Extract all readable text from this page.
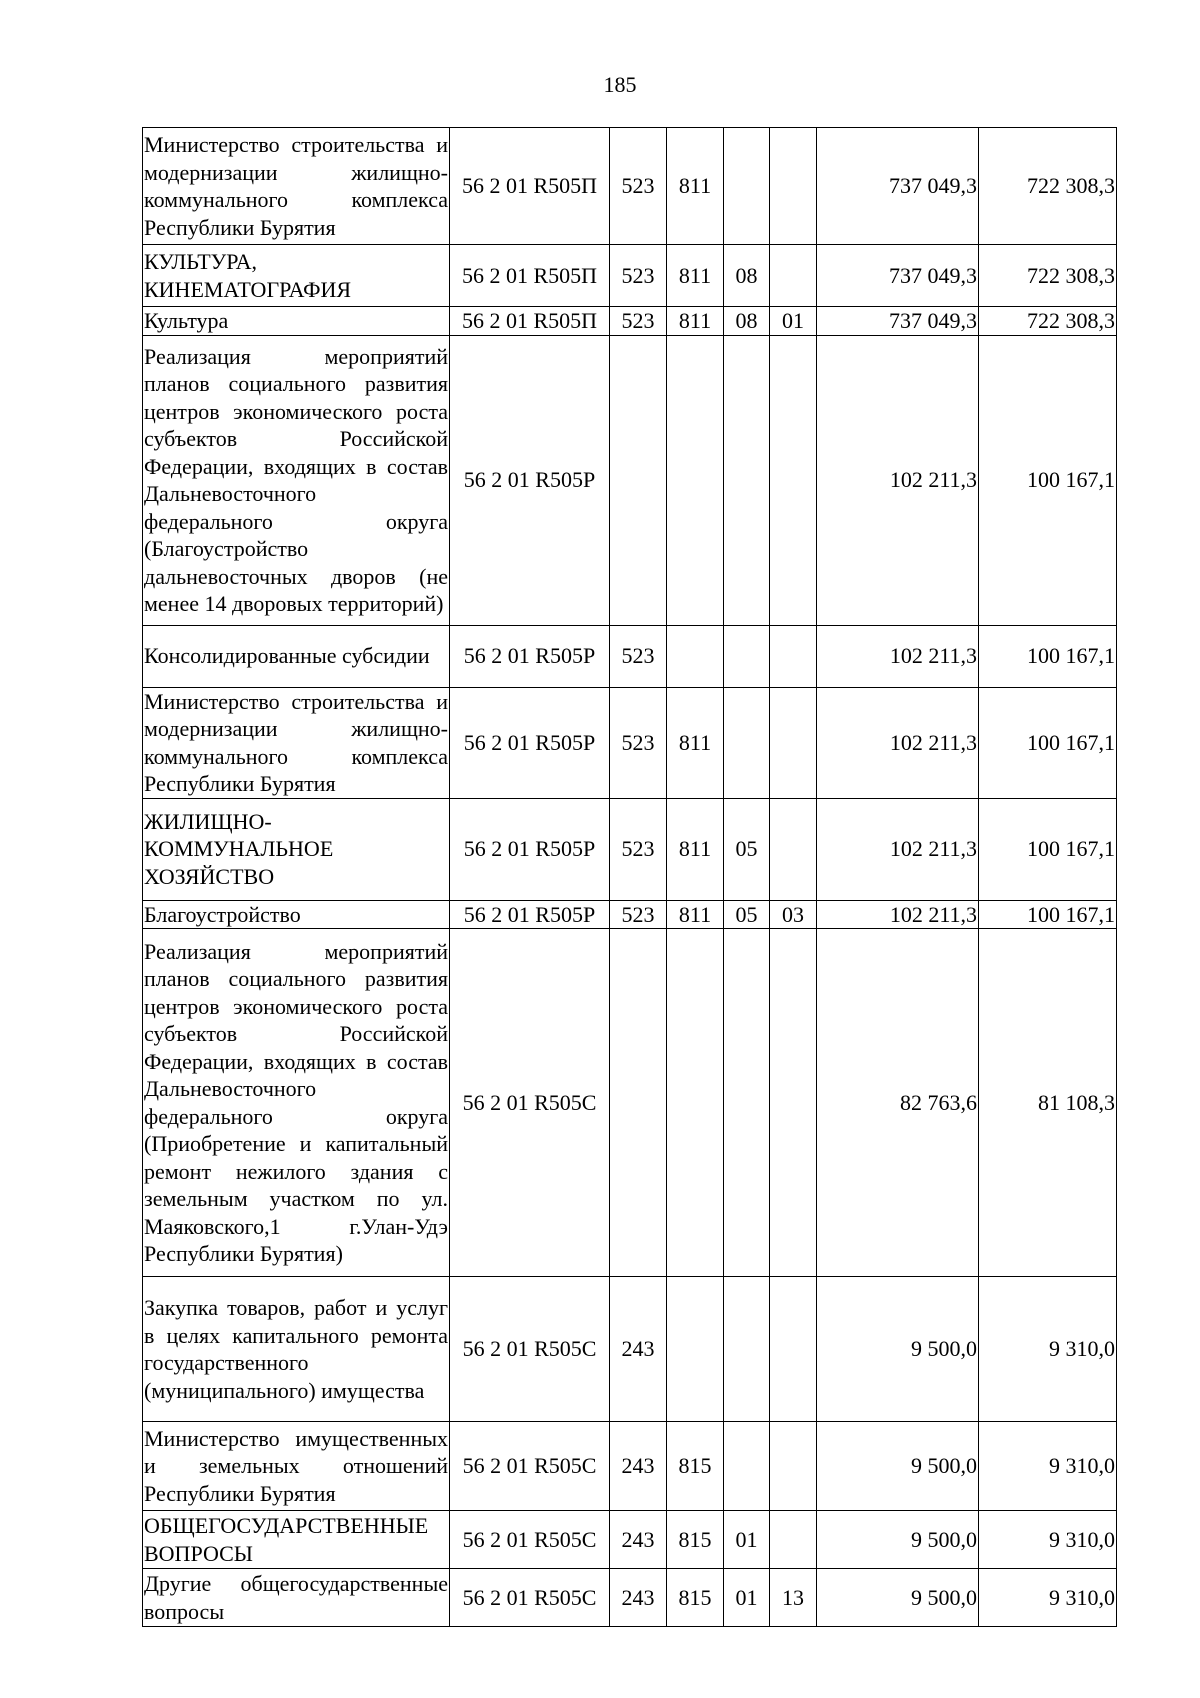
185
Министерство строительства и модернизации жилищно-коммунального комплекса Республики Бурятия	56 2 01 R505П	523	811			737 049,3	722 308,3
КУЛЬТУРА, КИНЕМАТОГРАФИЯ	56 2 01 R505П	523	811	08		737 049,3	722 308,3
Культура	56 2 01 R505П	523	811	08	01	737 049,3	722 308,3
Реализация мероприятий планов социального развития центров экономического роста субъектов Российской Федерации, входящих в состав Дальневосточного федерального округа (Благоустройство дальневосточных дворов (не менее 14 дворовых территорий)	56 2 01 R505Р					102 211,3	100 167,1
Консолидированные субсидии	56 2 01 R505Р	523				102 211,3	100 167,1
Министерство строительства и модернизации жилищно-коммунального комплекса Республики Бурятия	56 2 01 R505Р	523	811			102 211,3	100 167,1
ЖИЛИЩНО-КОММУНАЛЬНОЕ ХОЗЯЙСТВО	56 2 01 R505Р	523	811	05		102 211,3	100 167,1
Благоустройство	56 2 01 R505Р	523	811	05	03	102 211,3	100 167,1
Реализация мероприятий планов социального развития центров экономического роста субъектов Российской Федерации, входящих в состав Дальневосточного федерального округа (Приобретение и капитальный ремонт нежилого здания с земельным участком по ул. Маяковского,1 г.Улан-Удэ Республики Бурятия)	56 2 01 R505С					82 763,6	81 108,3
Закупка товаров, работ и услуг в целях капитального ремонта государственного (муниципального) имущества	56 2 01 R505С	243				9 500,0	9 310,0
Министерство имущественных и земельных отношений Республики Бурятия	56 2 01 R505С	243	815			9 500,0	9 310,0
ОБЩЕГОСУДАРСТВЕННЫЕ ВОПРОСЫ	56 2 01 R505С	243	815	01		9 500,0	9 310,0
Другие общегосударственные вопросы	56 2 01 R505С	243	815	01	13	9 500,0	9 310,0
